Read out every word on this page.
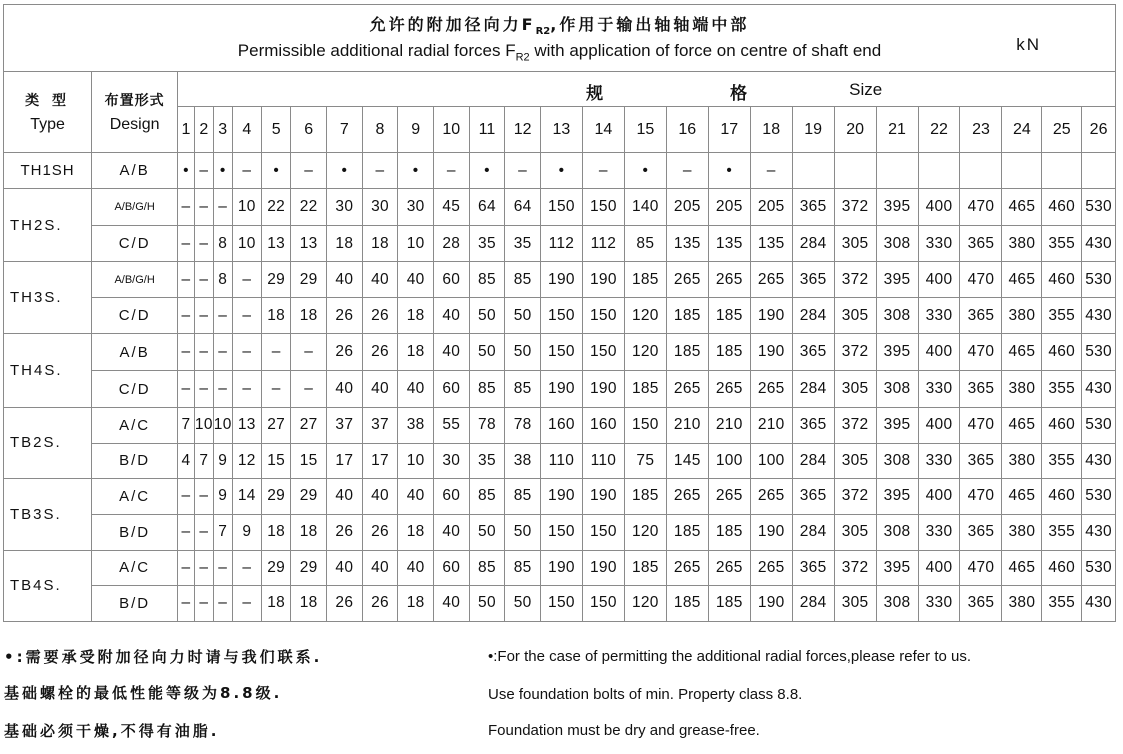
允许的附加径向力$F_{R2}$,作用于输出轴轴端中部
Permissible additional radial forces $F_{R2}$ with application of force on centre of shaft end kN																											

类 型
Type	布置形式
Design	规 格 Size																									

		1	2	3	4	5	6	7	8	9	10	11	12	13	14	15	16	17	18	19	20	21	22	23	24	25	26
TH1SH	A/B	•	–	•	–	•	–	•	–	•	–	•	–	•	–	•	–	•	–								
TH2S.	A/B/G/H	–	–	–	10	22	22	30	30	30	45	64	64	150	150	140	205	205	205	365	372	395	400	470	465	460	530
	C/D	–	–	8	10	13	13	18	18	10	28	35	35	112	112	85	135	135	135	284	305	308	330	365	380	355	430
TH3S.	A/B/G/H	–	–	8	–	29	29	40	40	40	60	85	85	190	190	185	265	265	265	365	372	395	400	470	465	460	530
	C/D	–	–	–	–	18	18	26	26	18	40	50	50	150	150	120	185	185	190	284	305	308	330	365	380	355	430
TH4S.	A/B	–	–	–	–	–	–	26	26	18	40	50	50	150	150	120	185	185	190	365	372	395	400	470	465	460	530
	C/D	–	–	–	–	–	–	40	40	40	60	85	85	190	190	185	265	265	265	284	305	308	330	365	380	355	430
TB2S.	A/C	7	10	10	13	27	27	37	37	38	55	78	78	160	160	150	210	210	210	365	372	395	400	470	465	460	530
	B/D	4	7	9	12	15	15	17	17	10	30	35	38	110	110	75	145	100	100	284	305	308	330	365	380	355	430
TB3S.	A/C	–	–	9	14	29	29	40	40	40	60	85	85	190	190	185	265	265	265	365	372	395	400	470	465	460	530
	B/D	–	–	7	9	18	18	26	26	18	40	50	50	150	150	120	185	185	190	284	305	308	330	365	380	355	430
TB4S.	A/C	–	–	–	–	29	29	40	40	40	60	85	85	190	190	185	265	265	265	365	372	395	400	470	465	460	530
	B/D	–	–	–	–	18	18	26	26	18	40	50	50	150	150	120	185	185	190	284	305	308	330	365	380	355	430
•:需要承受附加径向力时请与我们联系.
基础螺栓的最低性能等级为8.8级.
基础必须干燥,不得有油脂.
•:For the case of permitting the additional radial forces,please refer to us.
Use foundation bolts of min. Property class 8.8.
Foundation must be dry and grease-free.
